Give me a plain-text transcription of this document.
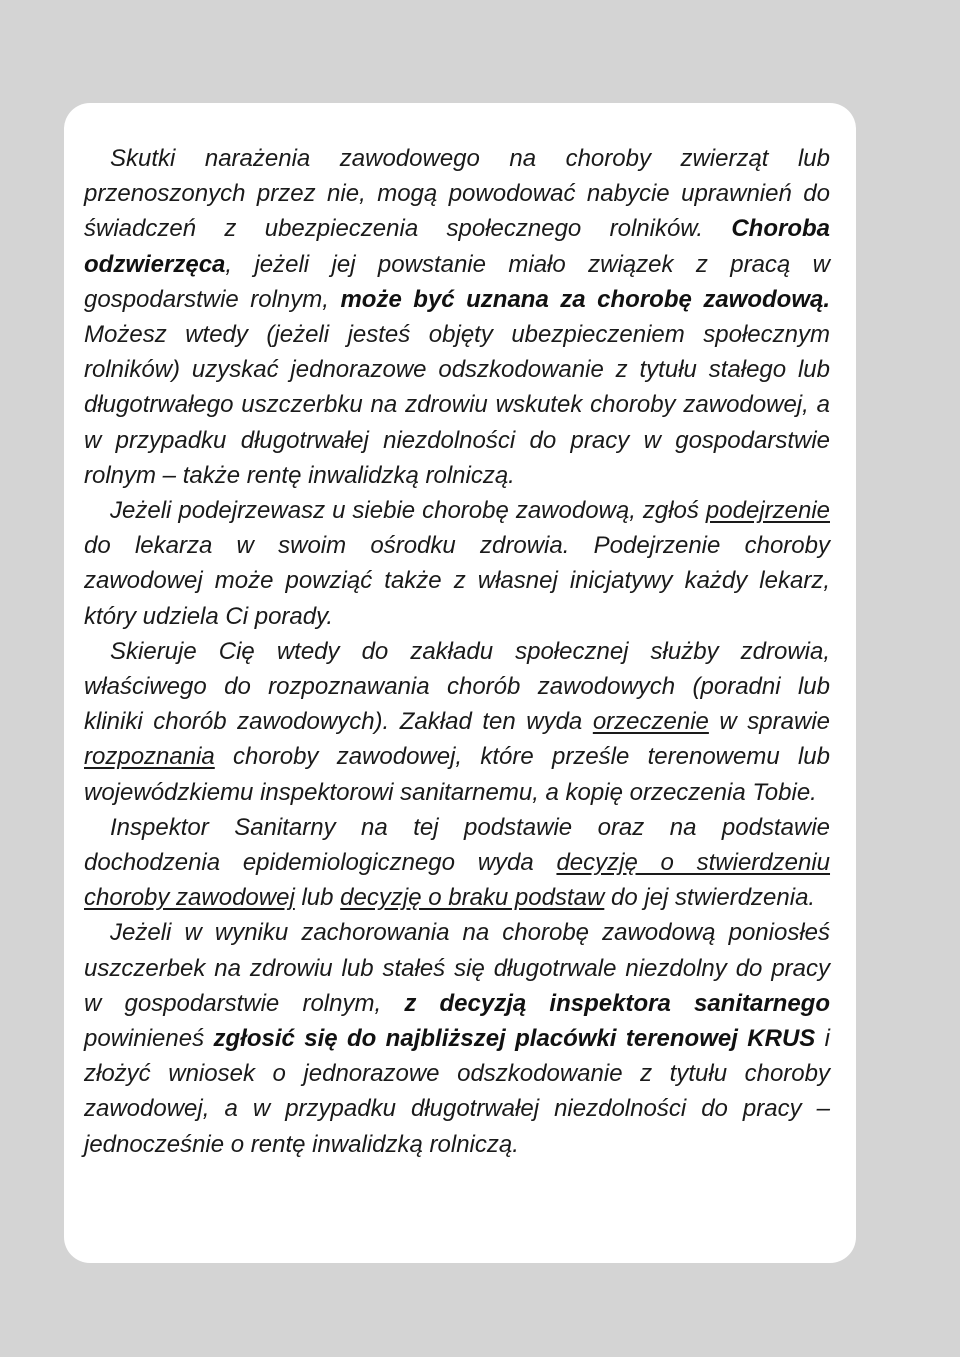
Skutki narażenia zawodowego na choroby zwierząt lub przenoszonych przez nie, mogą powodować nabycie uprawnień do świadczeń z ubezpieczenia społecznego rolników. Choroba odzwierzęca, jeżeli jej powstanie miało związek z pracą w gospodarstwie rolnym, może być uznana za chorobę zawodową. Możesz wtedy (jeżeli jesteś objęty ubezpieczeniem społecznym rolników) uzyskać jednorazowe odszkodowanie z tytułu stałego lub długotrwałego uszczerbku na zdrowiu wskutek choroby zawodowej, a w przypadku długotrwałej niezdolności do pracy w gospodarstwie rolnym – także rentę inwalidzką rolniczą.

Jeżeli podejrzewasz u siebie chorobę zawodową, zgłoś podejrzenie do lekarza w swoim ośrodku zdrowia. Podejrzenie choroby zawodowej może powziąć także z własnej inicjatywy każdy lekarz, który udziela Ci porady.

Skieruje Cię wtedy do zakładu społecznej służby zdrowia, właściwego do rozpoznawania chorób zawodowych (poradni lub kliniki chorób zawodowych). Zakład ten wyda orzeczenie w sprawie rozpoznania choroby zawodowej, które prześle terenowemu lub wojewódzkiemu inspektorowi sanitarnemu, a kopię orzeczenia Tobie.

Inspektor Sanitarny na tej podstawie oraz na podstawie dochodzenia epidemiologicznego wyda decyzję o stwierdzeniu choroby zawodowej lub decyzję o braku podstaw do jej stwierdzenia.

Jeżeli w wyniku zachorowania na chorobę zawodową poniosłeś uszczerbek na zdrowiu lub stałeś się długotrwale niezdolny do pracy w gospodarstwie rolnym, z decyzją inspektora sanitarnego powinieneś zgłosić się do najbliższej placówki terenowej KRUS i złożyć wniosek o jednorazowe odszkodowanie z tytułu choroby zawodowej, a w przypadku długotrwałej niezdolności do pracy – jednocześnie o rentę inwalidzką rolniczą.
